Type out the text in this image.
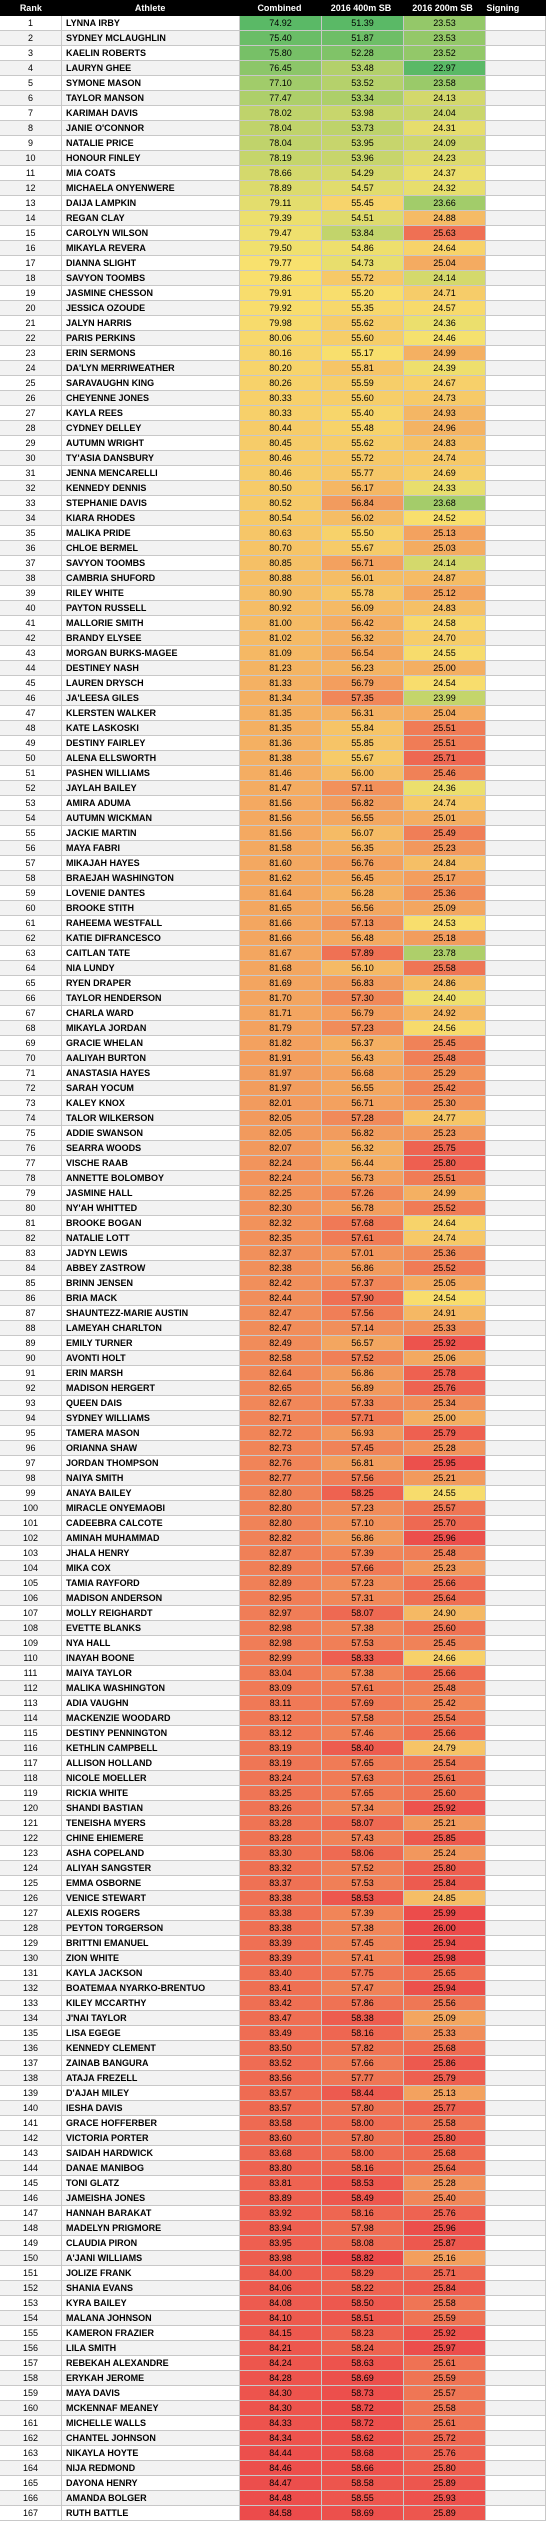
Rank	Athlete	Combined	2016 400m SB	2016 200m SB	Signing
1	LYNNA IRBY	74.92	51.39	23.53
2	SYDNEY MCLAUGHLIN	75.40	51.87	23.53
3	KAELIN ROBERTS	75.80	52.28	23.52
4	LAURYN GHEE	76.45	53.48	22.97
5	SYMONE MASON	77.10	53.52	23.58
6	TAYLOR MANSON	77.47	53.34	24.13
7	KARIMAH DAVIS	78.02	53.98	24.04
8	JANIE O'CONNOR	78.04	53.73	24.31
9	NATALIE PRICE	78.04	53.95	24.09
10	HONOUR FINLEY	78.19	53.96	24.23
11	MIA COATS	78.66	54.29	24.37
12	MICHAELA ONYENWERE	78.89	54.57	24.32
13	DAIJA LAMPKIN	79.11	55.45	23.66
14	REGAN CLAY	79.39	54.51	24.88
15	CAROLYN WILSON	79.47	53.84	25.63
16	MIKAYLA REVERA	79.50	54.86	24.64
17	DIANNA SLIGHT	79.77	54.73	25.04
18	SAVYON TOOMBS	79.86	55.72	24.14
19	JASMINE CHESSON	79.91	55.20	24.71
20	JESSICA OZOUDE	79.92	55.35	24.57
21	JALYN HARRIS	79.98	55.62	24.36
22	PARIS PERKINS	80.06	55.60	24.46
23	ERIN SERMONS	80.16	55.17	24.99
24	DA'LYN MERRIWEATHER	80.20	55.81	24.39
25	SARAVAUGHN KING	80.26	55.59	24.67
26	CHEYENNE JONES	80.33	55.60	24.73
27	KAYLA REES	80.33	55.40	24.93
28	CYDNEY DELLEY	80.44	55.48	24.96
29	AUTUMN WRIGHT	80.45	55.62	24.83
30	TY'ASIA DANSBURY	80.46	55.72	24.74
31	JENNA MENCARELLI	80.46	55.77	24.69
32	KENNEDY DENNIS	80.50	56.17	24.33
33	STEPHANIE DAVIS	80.52	56.84	23.68
34	KIARA RHODES	80.54	56.02	24.52
35	MALIKA PRIDE	80.63	55.50	25.13
36	CHLOE BERMEL	80.70	55.67	25.03
37	SAVYON TOOMBS	80.85	56.71	24.14
38	CAMBRIA SHUFORD	80.88	56.01	24.87
39	RILEY WHITE	80.90	55.78	25.12
40	PAYTON RUSSELL	80.92	56.09	24.83
41	MALLORIE SMITH	81.00	56.42	24.58
42	BRANDY ELYSEE	81.02	56.32	24.70
43	MORGAN BURKS-MAGEE	81.09	56.54	24.55
44	DESTINEY NASH	81.23	56.23	25.00
45	LAUREN DRYSCH	81.33	56.79	24.54
46	JA'LEESA GILES	81.34	57.35	23.99
47	KLERSTEN WALKER	81.35	56.31	25.04
48	KATE LASKOSKI	81.35	55.84	25.51
49	DESTINY FAIRLEY	81.36	55.85	25.51
50	ALENA ELLSWORTH	81.38	55.67	25.71
51	PASHEN WILLIAMS	81.46	56.00	25.46
52	JAYLAH BAILEY	81.47	57.11	24.36
53	AMIRA ADUMA	81.56	56.82	24.74
54	AUTUMN WICKMAN	81.56	56.55	25.01
55	JACKIE MARTIN	81.56	56.07	25.49
56	MAYA FABRI	81.58	56.35	25.23
57	MIKAJAH HAYES	81.60	56.76	24.84
58	BRAEJAH WASHINGTON	81.62	56.45	25.17
59	LOVENIE DANTES	81.64	56.28	25.36
60	BROOKE STITH	81.65	56.56	25.09
61	RAHEEMA WESTFALL	81.66	57.13	24.53
62	KATIE DIFRANCESCO	81.66	56.48	25.18
63	CAITLAN TATE	81.67	57.89	23.78
64	NIA LUNDY	81.68	56.10	25.58
65	RYEN DRAPER	81.69	56.83	24.86
66	TAYLOR HENDERSON	81.70	57.30	24.40
67	CHARLA WARD	81.71	56.79	24.92
68	MIKAYLA JORDAN	81.79	57.23	24.56
69	GRACIE WHELAN	81.82	56.37	25.45
70	AALIYAH BURTON	81.91	56.43	25.48
71	ANASTASIA HAYES	81.97	56.68	25.29
72	SARAH YOCUM	81.97	56.55	25.42
73	KALEY KNOX	82.01	56.71	25.30
74	TALOR WILKERSON	82.05	57.28	24.77
75	ADDIE SWANSON	82.05	56.82	25.23
76	SEARRA WOODS	82.07	56.32	25.75
77	VISCHE RAAB	82.24	56.44	25.80
78	ANNETTE BOLOMBOY	82.24	56.73	25.51
79	JASMINE HALL	82.25	57.26	24.99
80	NY'AH WHITTED	82.30	56.78	25.52
81	BROOKE BOGAN	82.32	57.68	24.64
82	NATALIE LOTT	82.35	57.61	24.74
83	JADYN LEWIS	82.37	57.01	25.36
84	ABBEY ZASTROW	82.38	56.86	25.52
85	BRINN JENSEN	82.42	57.37	25.05
86	BRIA MACK	82.44	57.90	24.54
87	SHAUNTEZZ-MARIE AUSTIN	82.47	57.56	24.91
88	LAMEYAH CHARLTON	82.47	57.14	25.33
89	EMILY TURNER	82.49	56.57	25.92
90	AVONTI HOLT	82.58	57.52	25.06
91	ERIN MARSH	82.64	56.86	25.78
92	MADISON HERGERT	82.65	56.89	25.76
93	QUEEN DAIS	82.67	57.33	25.34
94	SYDNEY WILLIAMS	82.71	57.71	25.00
95	TAMERA MASON	82.72	56.93	25.79
96	ORIANNA SHAW	82.73	57.45	25.28
97	JORDAN THOMPSON	82.76	56.81	25.95
98	NAIYA SMITH	82.77	57.56	25.21
99	ANAYA BAILEY	82.80	58.25	24.55
100	MIRACLE ONYEMAOBI	82.80	57.23	25.57
101	CADEEBRA CALCOTE	82.80	57.10	25.70
102	AMINAH MUHAMMAD	82.82	56.86	25.96
103	JHALA HENRY	82.87	57.39	25.48
104	MIKA COX	82.89	57.66	25.23
105	TAMIA RAYFORD	82.89	57.23	25.66
106	MADISON ANDERSON	82.95	57.31	25.64
107	MOLLY REIGHARDT	82.97	58.07	24.90
108	EVETTE BLANKS	82.98	57.38	25.60
109	NYA HALL	82.98	57.53	25.45
110	INAYAH BOONE	82.99	58.33	24.66
111	MAIYA TAYLOR	83.04	57.38	25.66
112	MALIKA WASHINGTON	83.09	57.61	25.48
113	ADIA VAUGHN	83.11	57.69	25.42
114	MACKENZIE WOODARD	83.12	57.58	25.54
115	DESTINY PENNINGTON	83.12	57.46	25.66
116	KETHLIN CAMPBELL	83.19	58.40	24.79
117	ALLISON HOLLAND	83.19	57.65	25.54
118	NICOLE MOELLER	83.24	57.63	25.61
119	RICKIA WHITE	83.25	57.65	25.60
120	SHANDI BASTIAN	83.26	57.34	25.92
121	TENEISHA MYERS	83.28	58.07	25.21
122	CHINE EHIEMERE	83.28	57.43	25.85
123	ASHA COPELAND	83.30	58.06	25.24
124	ALIYAH SANGSTER	83.32	57.52	25.80
125	EMMA OSBORNE	83.37	57.53	25.84
126	VENICE STEWART	83.38	58.53	24.85
127	ALEXIS ROGERS	83.38	57.39	25.99
128	PEYTON TORGERSON	83.38	57.38	26.00
129	BRITTNI EMANUEL	83.39	57.45	25.94
130	ZION WHITE	83.39	57.41	25.98
131	KAYLA JACKSON	83.40	57.75	25.65
132	BOATEMAA NYARKO-BRENTUO	83.41	57.47	25.94
133	KILEY MCCARTHY	83.42	57.86	25.56
134	J'NAI TAYLOR	83.47	58.38	25.09
135	LISA EGEGE	83.49	58.16	25.33
136	KENNEDY CLEMENT	83.50	57.82	25.68
137	ZAINAB BANGURA	83.52	57.66	25.86
138	ATAJA FREZELL	83.56	57.77	25.79
139	D'AJAH MILEY	83.57	58.44	25.13
140	IESHA DAVIS	83.57	57.80	25.77
141	GRACE HOFFERBER	83.58	58.00	25.58
142	VICTORIA PORTER	83.60	57.80	25.80
143	SAIDAH HARDWICK	83.68	58.00	25.68
144	DANAE MANIBOG	83.80	58.16	25.64
145	TONI GLATZ	83.81	58.53	25.28
146	JAMEISHA JONES	83.89	58.49	25.40
147	HANNAH BARAKAT	83.92	58.16	25.76
148	MADELYN PRIGMORE	83.94	57.98	25.96
149	CLAUDIA PIRON	83.95	58.08	25.87
150	A'JANI WILLIAMS	83.98	58.82	25.16
151	JOLIZE FRANK	84.00	58.29	25.71
152	SHANIA EVANS	84.06	58.22	25.84
153	KYRA BAILEY	84.08	58.50	25.58
154	MALANA JOHNSON	84.10	58.51	25.59
155	KAMERON FRAZIER	84.15	58.23	25.92
156	LILA SMITH	84.21	58.24	25.97
157	REBEKAH ALEXANDRE	84.24	58.63	25.61
158	ERYKAH JEROME	84.28	58.69	25.59
159	MAYA DAVIS	84.30	58.73	25.57
160	MCKENNAF MEANEY	84.30	58.72	25.58
161	MICHELLE WALLS	84.33	58.72	25.61
162	CHANTEL JOHNSON	84.34	58.62	25.72
163	NIKAYLA HOYTE	84.44	58.68	25.76
164	NIJA REDMOND	84.46	58.66	25.80
165	DAYONA HENRY	84.47	58.58	25.89
166	AMANDA BOLGER	84.48	58.55	25.93
167	RUTH BATTLE	84.58	58.69	25.89
